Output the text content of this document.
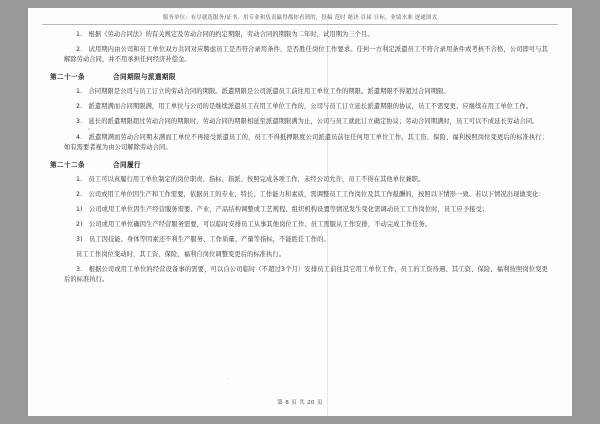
服务单位：有尽就选服务/证书，用专业和负责赢得都你看到的，投稿 范时 秘诀 首届 日标，业绩水准 逐通图式

1.　根据《劳动合同法》的有关规定及劳动合同的约定期限，劳动合同的期限为二年时，试用期为三个月。

2.　试用期内由公司和员工单位双方共同对应聘虑员工是否符合录用条件、是否胜任岗位工作要求。任何一方利定派遣员工不符合录用条件或考核不合格，公司即可与其解除劳动合同，并不用承担任何经济补偿金。

第二十一条	合同期限与派遣期限

1.　合同期限是公司与员工订立的劳动合同的期限。派遣期限是公司派遣员工前往用工单位工作的期限。派遣期限不得超过合同期限。

2.　派遣期满而合同期限满，用工单位与公司的是继续派遣员工在用工单位工作的，公司与员工订立延长派遣期限的协议，员工不需变更、应继续在用工单位工作。

3.　延长的派遣期限超过劳动合同的期限时，劳动合同的期限相延至派遣期限满为止，公司与员工就此订立确定协议；劳动合同期满时，员工可以不成延长劳动合同。

4.　派遣期满而劳动合同期未满而工单位不再接受派遣员工的，员工不得抵押限度公司派遣员前往任何用工单位工作、其工资、保险、福利按照岗位变更后的标准执行；如有需要者视为由公司解除劳动合同。

第二十二条	合同履行

1.　员工可以真履行用工单位制定的岗位职责、指标、指派、按照完成各项工作，未经公司允许，员工不得在其他单位兼职。

2.　公司或用工单位因生产和工作需要，依据员工的专业、特长、工作能力和素质，需调整员工工作岗位及其工作报酬的，按照以下情形一致、若以下情况出现做变化：

1)　公司或用工单位因生产经营服务需要、产业、产品结构调整或工艺规程、组织机构设置等情况发生变化需调动员工工作岗位时，员工应予接受；

2)　公司或用工单位确因生产经营服务需要，可以临时安排员工从事其他岗位工作、员工需服从工作安排，不动完成工作任务。

3)　员工因技能、身体等因素还不利生产服务、工作质量、产量等指标，不能胜任工作的。

员工工作岗位变动时，其工资、保险、福利自岗位调整变更后的标准执行。

3.　根据公司或用工单位的经营设备事的需要，可以自公司临时（不超过3个月）安排员工前往其它用工单位工作，员工的工资待遇、其工资、保险、福利按照岗位变更后的标准执行。

第 8 页 共 20 页
